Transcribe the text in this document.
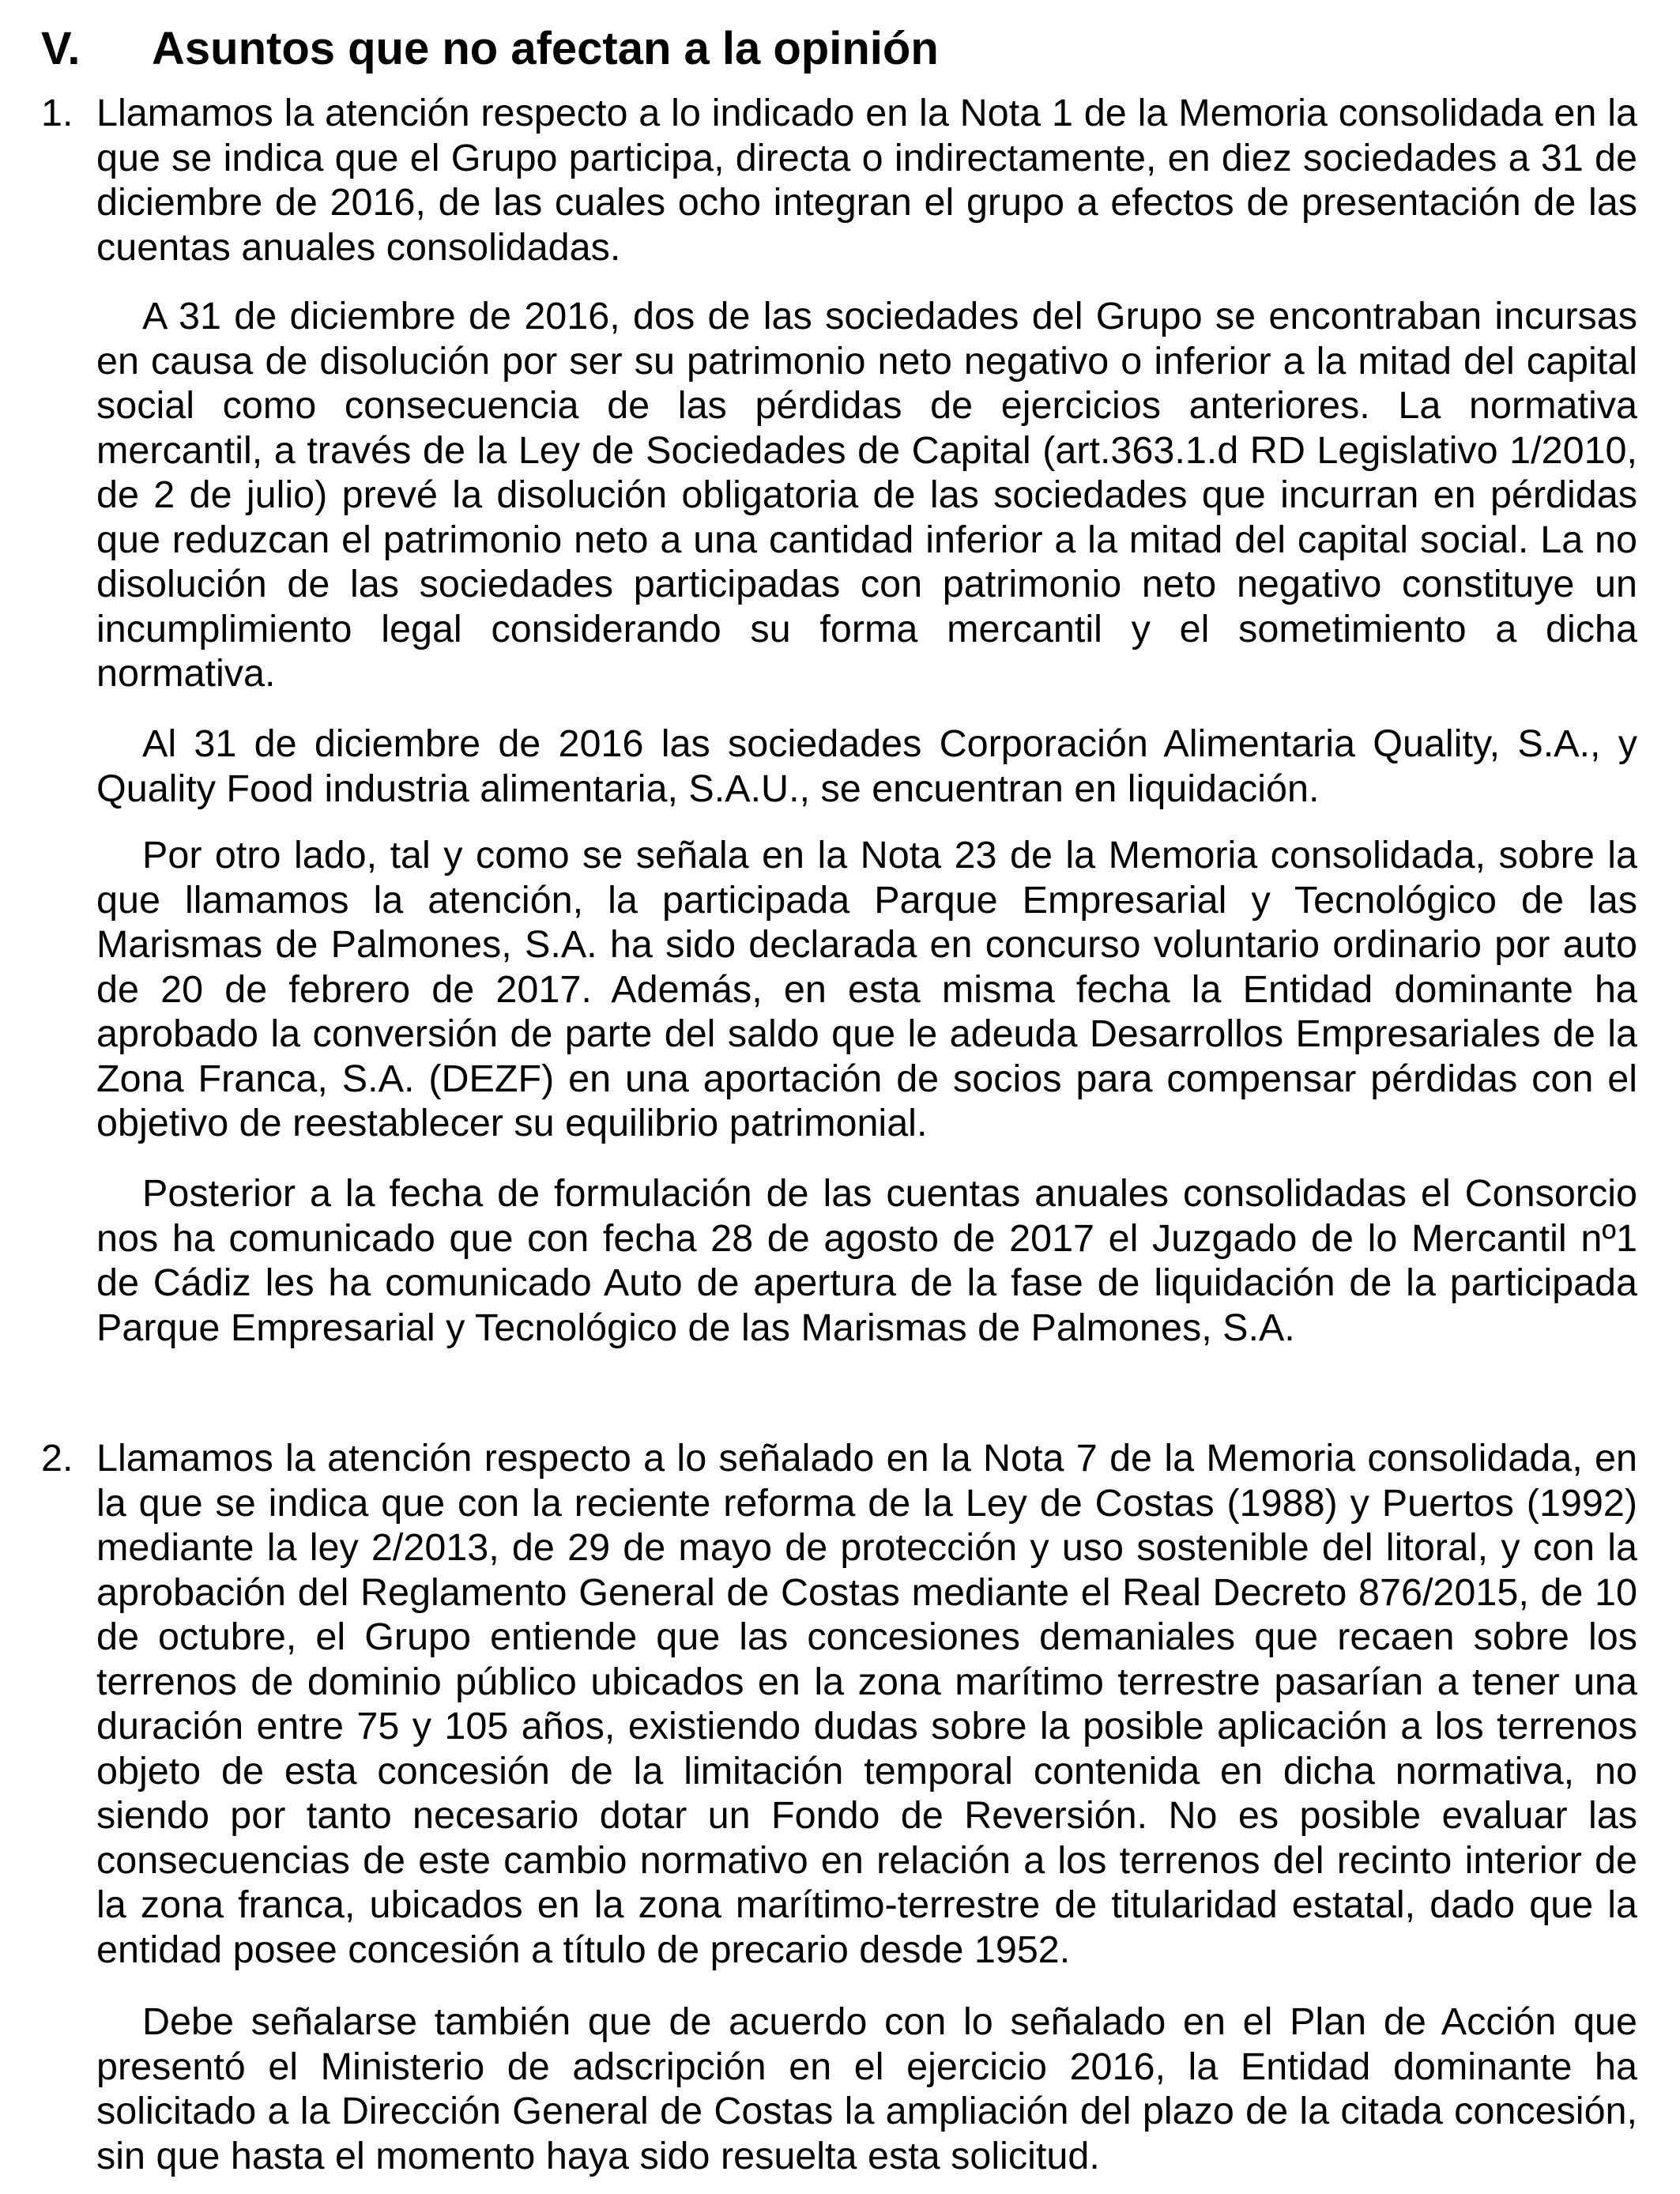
V. Asuntos que no afectan a la opinión
1. Llamamos la atención respecto a lo indicado en la Nota 1 de la Memoria consolidada en la que se indica que el Grupo participa, directa o indirectamente, en diez sociedades a 31 de diciembre de 2016, de las cuales ocho integran el grupo a efectos de presentación de las cuentas anuales consolidadas.

A 31 de diciembre de 2016, dos de las sociedades del Grupo se encontraban incursas en causa de disolución por ser su patrimonio neto negativo o inferior a la mitad del capital social como consecuencia de las pérdidas de ejercicios anteriores. La normativa mercantil, a través de la Ley de Sociedades de Capital (art.363.1.d RD Legislativo 1/2010, de 2 de julio) prevé la disolución obligatoria de las sociedades que incurran en pérdidas que reduzcan el patrimonio neto a una cantidad inferior a la mitad del capital social. La no disolución de las sociedades participadas con patrimonio neto negativo constituye un incumplimiento legal considerando su forma mercantil y el sometimiento a dicha normativa.

Al 31 de diciembre de 2016 las sociedades Corporación Alimentaria Quality, S.A., y Quality Food industria alimentaria, S.A.U., se encuentran en liquidación.

Por otro lado, tal y como se señala en la Nota 23 de la Memoria consolidada, sobre la que llamamos la atención, la participada Parque Empresarial y Tecnológico de las Marismas de Palmones, S.A. ha sido declarada en concurso voluntario ordinario por auto de 20 de febrero de 2017. Además, en esta misma fecha la Entidad dominante ha aprobado la conversión de parte del saldo que le adeuda Desarrollos Empresariales de la Zona Franca, S.A. (DEZF) en una aportación de socios para compensar pérdidas con el objetivo de reestablecer su equilibrio patrimonial.

Posterior a la fecha de formulación de las cuentas anuales consolidadas el Consorcio nos ha comunicado que con fecha 28 de agosto de 2017 el Juzgado de lo Mercantil nº1 de Cádiz les ha comunicado Auto de apertura de la fase de liquidación de la participada Parque Empresarial y Tecnológico de las Marismas de Palmones, S.A.

2. Llamamos la atención respecto a lo señalado en la Nota 7 de la Memoria consolidada, en la que se indica que con la reciente reforma de la Ley de Costas (1988) y Puertos (1992) mediante la ley 2/2013, de 29 de mayo de protección y uso sostenible del litoral, y con la aprobación del Reglamento General de Costas mediante el Real Decreto 876/2015, de 10 de octubre, el Grupo entiende que las concesiones demaniales que recaen sobre los terrenos de dominio público ubicados en la zona marítimo terrestre pasarían a tener una duración entre 75 y 105 años, existiendo dudas sobre la posible aplicación a los terrenos objeto de esta concesión de la limitación temporal contenida en dicha normativa, no siendo por tanto necesario dotar un Fondo de Reversión. No es posible evaluar las consecuencias de este cambio normativo en relación a los terrenos del recinto interior de la zona franca, ubicados en la zona marítimo-terrestre de titularidad estatal, dado que la entidad posee concesión a título de precario desde 1952.

Debe señalarse también que de acuerdo con lo señalado en el Plan de Acción que presentó el Ministerio de adscripción en el ejercicio 2016, la Entidad dominante ha solicitado a la Dirección General de Costas la ampliación del plazo de la citada concesión, sin que hasta el momento haya sido resuelta esta solicitud.
